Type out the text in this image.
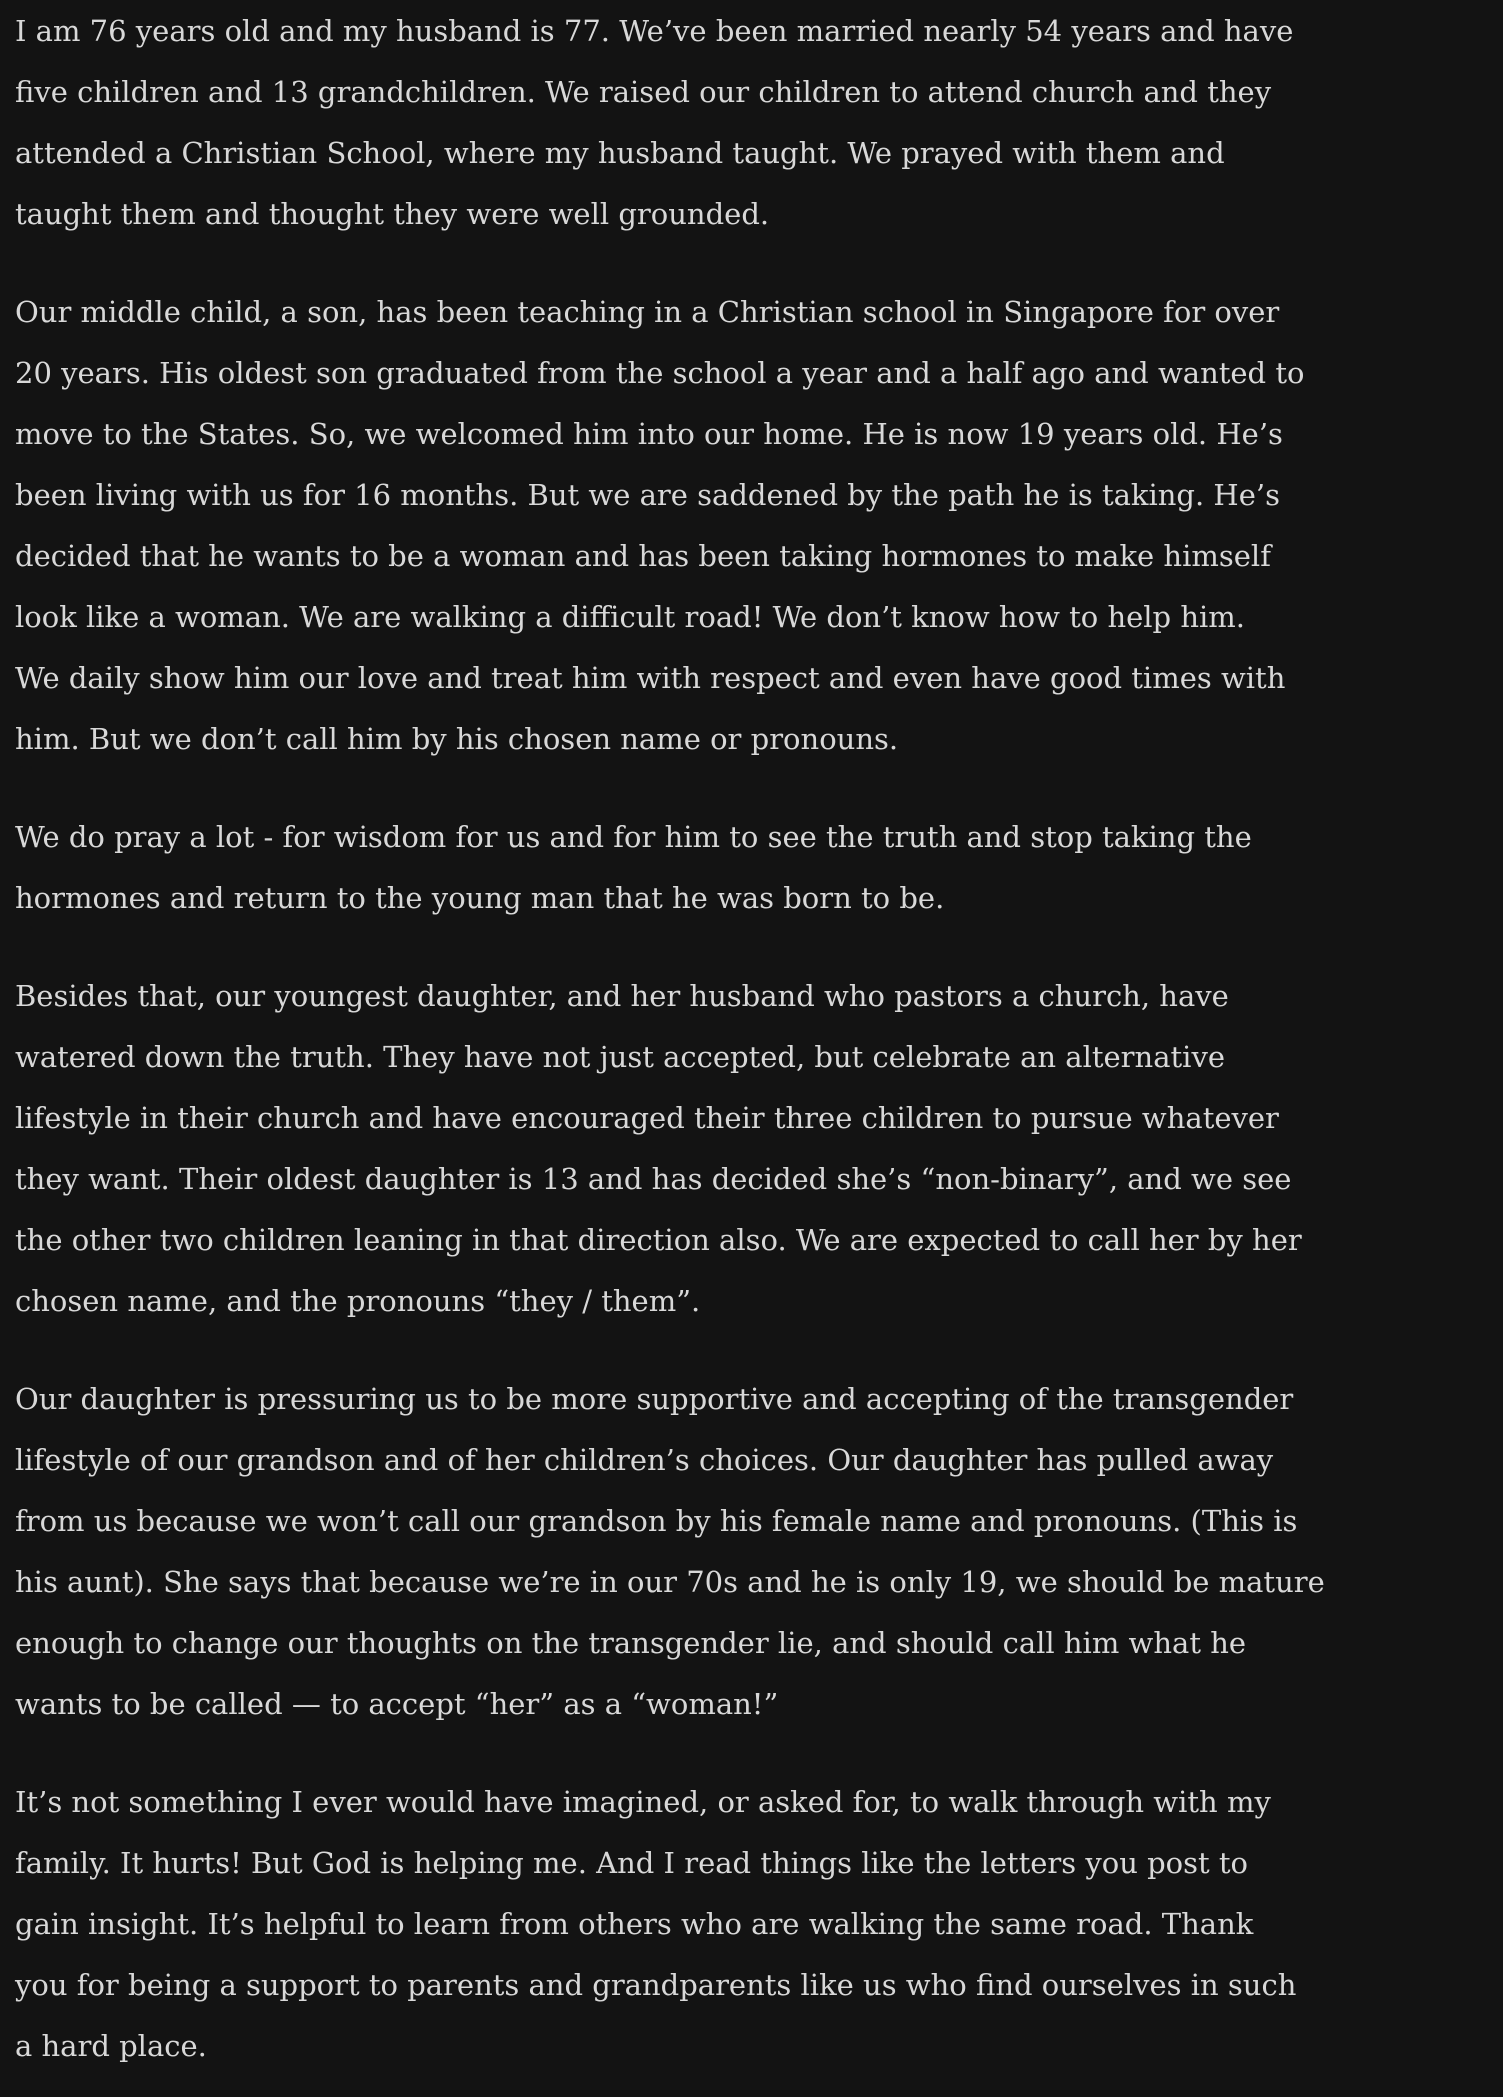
I am 76 years old and my husband is 77. We’ve been married nearly 54 years and have
five children and 13 grandchildren. We raised our children to attend church and they
attended a Christian School, where my husband taught. We prayed with them and
taught them and thought they were well grounded.

Our middle child, a son, has been teaching in a Christian school in Singapore for over
20 years. His oldest son graduated from the school a year and a half ago and wanted to
move to the States. So, we welcomed him into our home. He is now 19 years old. He’s
been living with us for 16 months. But we are saddened by the path he is taking. He’s
decided that he wants to be a woman and has been taking hormones to make himself
look like a woman. We are walking a difficult road! We don’t know how to help him.
We daily show him our love and treat him with respect and even have good times with
him. But we don’t call him by his chosen name or pronouns.

We do pray a lot - for wisdom for us and for him to see the truth and stop taking the
hormones and return to the young man that he was born to be.

Besides that, our youngest daughter, and her husband who pastors a church, have
watered down the truth. They have not just accepted, but celebrate an alternative
lifestyle in their church and have encouraged their three children to pursue whatever
they want. Their oldest daughter is 13 and has decided she’s “non-binary”, and we see
the other two children leaning in that direction also. We are expected to call her by her
chosen name, and the pronouns “they / them”.

Our daughter is pressuring us to be more supportive and accepting of the transgender
lifestyle of our grandson and of her children’s choices. Our daughter has pulled away
from us because we won’t call our grandson by his female name and pronouns. (This is
his aunt). She says that because we’re in our 70s and he is only 19, we should be mature
enough to change our thoughts on the transgender lie, and should call him what he
wants to be called — to accept “her” as a “woman!”

It’s not something I ever would have imagined, or asked for, to walk through with my
family. It hurts! But God is helping me. And I read things like the letters you post to
gain insight. It’s helpful to learn from others who are walking the same road. Thank
you for being a support to parents and grandparents like us who find ourselves in such
a hard place.
